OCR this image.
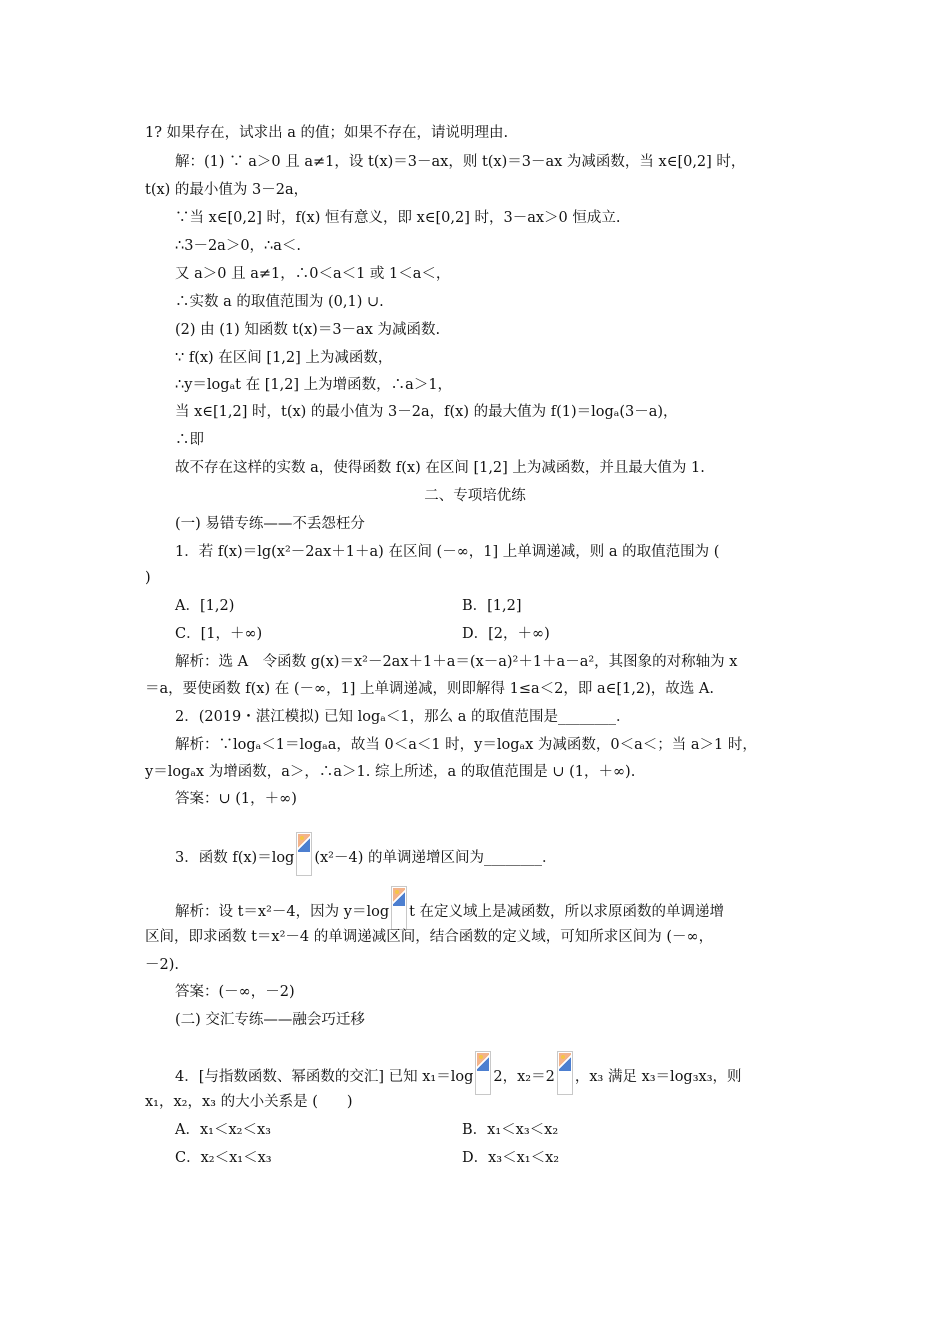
1? 如果存在，试求出 a 的值；如果不存在，请说明理由.
解：(1) ∵ a＞0 且 a≠1，设 t(x)＝3－ax，则 t(x)＝3－ax 为减函数，当 x∈[0,2] 时，
t(x) 的最小值为 3－2a，
∵当 x∈[0,2] 时，f(x) 恒有意义，即 x∈[0,2] 时，3－ax＞0 恒成立.
∴3－2a＞0，∴a＜.
又 a＞0 且 a≠1，∴0＜a＜1 或 1＜a＜，
∴实数 a 的取值范围为 (0,1) ∪.
(2) 由 (1) 知函数 t(x)＝3－ax 为减函数.
∵ f(x) 在区间 [1,2] 上为减函数，
∴y＝logₐt 在 [1,2] 上为增函数，∴a＞1，
当 x∈[1,2] 时，t(x) 的最小值为 3－2a，f(x) 的最大值为 f(1)＝logₐ(3－a)，
∴即
故不存在这样的实数 a，使得函数 f(x) 在区间 [1,2] 上为减函数，并且最大值为 1.
二、专项培优练
(一) 易错专练——不丢怨枉分
1．若 f(x)＝lg(x²－2ax＋1＋a) 在区间 (－∞，1] 上单调递减，则 a 的取值范围为 (
)
A．[1,2)	B．[1,2]
C．[1，＋∞)	D．[2，＋∞)
解析：选 A　令函数 g(x)＝x²－2ax＋1＋a＝(x－a)²＋1＋a－a²，其图象的对称轴为 x
＝a，要使函数 f(x) 在 (－∞，1] 上单调递减，则即解得 1≤a＜2，即 a∈[1,2)，故选 A.
2．(2019・湛江模拟) 已知 logₐ＜1，那么 a 的取值范围是________．
解析：∵logₐ＜1＝logₐa，故当 0＜a＜1 时，y＝logₐx 为减函数，0＜a＜；当 a＞1 时，
y＝logₐx 为增函数，a＞，∴a＞1. 综上所述，a 的取值范围是 ∪ (1，＋∞).
答案：∪ (1，＋∞)
3．函数 f(x)＝log (x²－4) 的单调递增区间为________．
解析：设 t＝x²－4，因为 y＝log t 在定义域上是减函数，所以求原函数的单调递增
区间，即求函数 t＝x²－4 的单调递减区间，结合函数的定义域，可知所求区间为 (－∞，
－2).
答案：(－∞，－2)
(二) 交汇专练——融会巧迁移
4．[与指数函数、幂函数的交汇] 已知 x₁＝log 2，x₂＝2 ，x₃ 满足 x₃＝log₃x₃，则
x₁，x₂，x₃ 的大小关系是 (　　)
A．x₁＜x₂＜x₃	B．x₁＜x₃＜x₂
C．x₂＜x₁＜x₃	D．x₃＜x₁＜x₂
